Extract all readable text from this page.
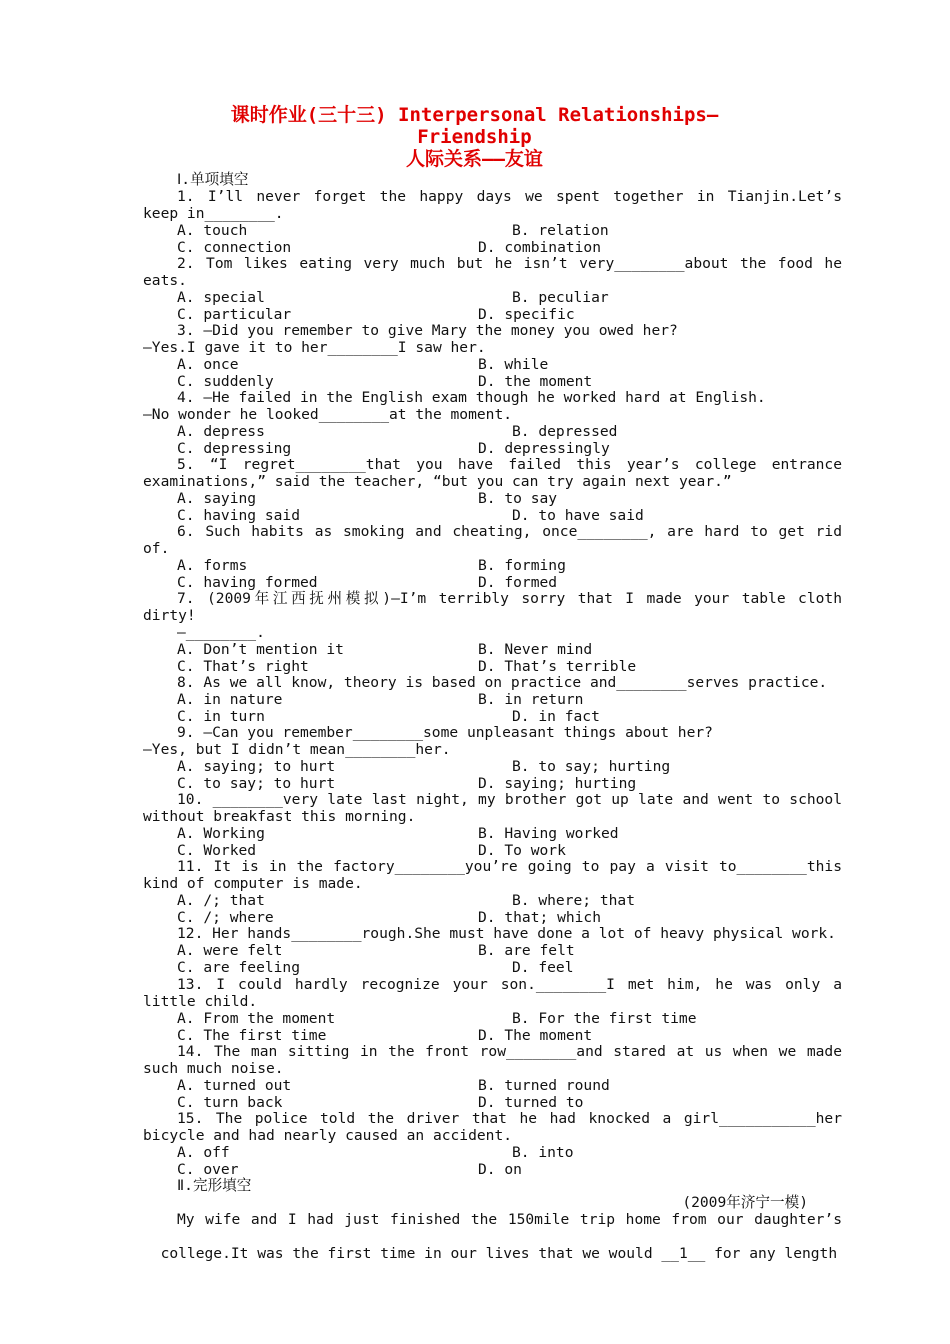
课时作业(三十三) Interpersonal Relationships—
Friendship
人际关系——友谊
Ⅰ.单项填空
1. I’ll never forget the happy days we spent together in Tianjin.Let’s
keep in________.
A. touch	B. relation
C. connection	D. combination
2. Tom likes eating very much but he isn’t very________about the food he
eats.
A. special	B. peculiar
C. particular	D. specific
3. —Did you remember to give Mary the money you owed her?
—Yes.I gave it to her________I saw her.
A. once	B. while
C. suddenly	D. the moment
4. —He failed in the English exam though he worked hard at English.
—No wonder he looked________at the moment.
A. depress	B. depressed
C. depressing	D. depressingly
5. “I regret________that you have failed this year’s college entrance
examinations,” said the teacher, “but you can try again next year.”
A. saying	B. to say
C. having said	D. to have said
6. Such habits as smoking and cheating, once________, are hard to get rid
of.
A. forms	B. forming
C. having formed	D. formed
7. (2009年江西抚州模拟)—I’m terribly sorry that I made your table cloth
dirty!
—________.
A. Don’t mention it	B. Never mind
C. That’s right	D. That’s terrible
8. As we all know, theory is based on practice and________serves practice.
A. in nature	B. in return
C. in turn	D. in fact
9. —Can you remember________some unpleasant things about her?
—Yes, but I didn’t mean________her.
A. saying; to hurt	B. to say; hurting
C. to say; to hurt	D. saying; hurting
10. ________very late last night, my brother got up late and went to school
without breakfast this morning.
A. Working	B. Having worked
C. Worked	D. To work
11. It is in the factory________you’re going to pay a visit to________this
kind of computer is made.
A. /; that	B. where; that
C. /; where	D. that; which
12. Her hands________rough.She must have done a lot of heavy physical work.
A. were felt	B. are felt
C. are feeling	D. feel
13. I could hardly recognize your son.________I met him, he was only a
little child.
A. From the moment	B. For the first time
C. The first time	D. The moment
14. The man sitting in the front row________and stared at us when we made
such much noise.
A. turned out	B. turned round
C. turn back	D. turned to
15. The police told the driver that he had knocked a girl___________her
bicycle and had nearly caused an accident.
A. off	B. into
C. over	D. on
Ⅱ.完形填空
(2009年济宁一模)
My wife and I had just finished the 150mile trip home from our daughter’s

college.It was the first time in our lives that we would __1__ for any length
